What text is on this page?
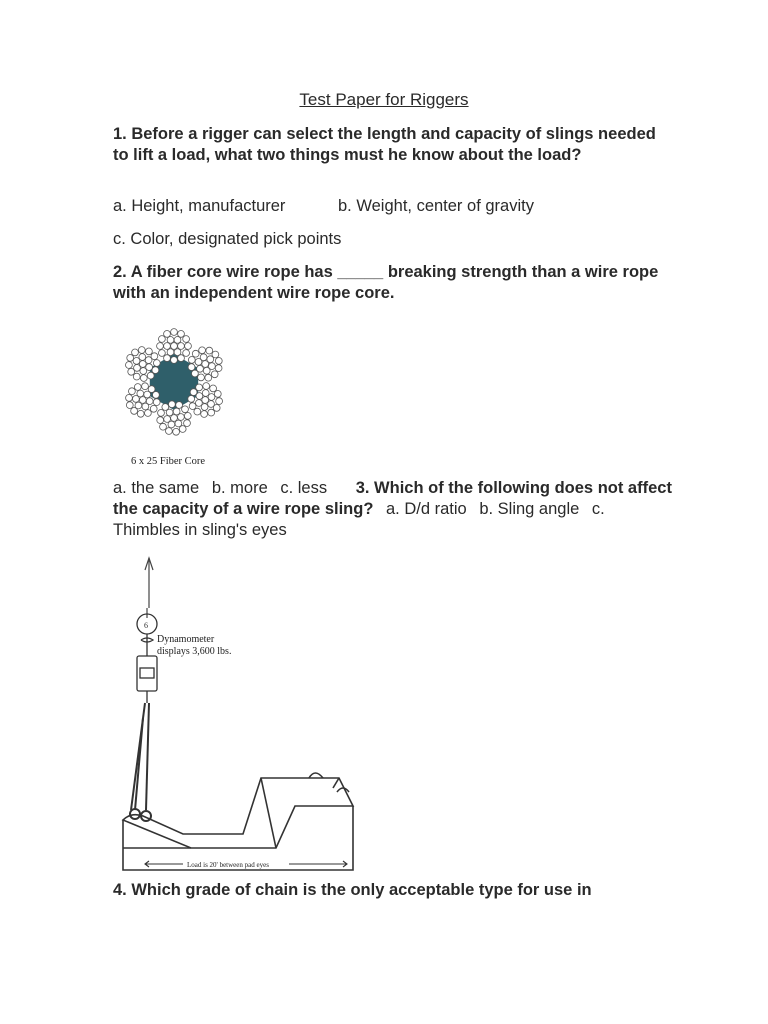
Test Paper for Riggers
1. Before a rigger can select the length and capacity of slings needed to lift a load, what two things must he know about the load?
a. Height, manufacturer	b. Weight, center of gravity
c. Color, designated pick points
2. A fiber core wire rope has _____ breaking strength than a wire rope with an independent wire rope core.
6 x 25 Fiber Core
a. the same b. more c. less 3. Which of the following does not affect the capacity of a wire rope sling? a. D/d ratio b. Sling angle c. Thimbles in sling's eyes
6
Dynamometer
displays 3,600 lbs.
Load is 20' between pad eyes
4. Which grade of chain is the only acceptable type for use in
